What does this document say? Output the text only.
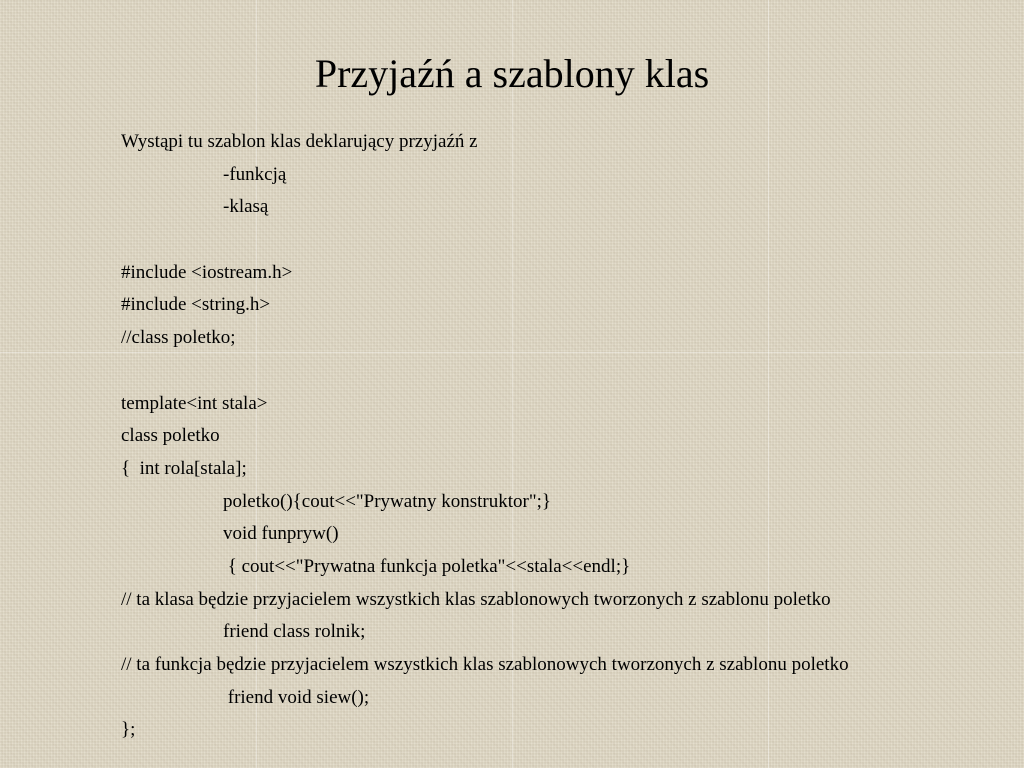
Przyjaźń a szablony klas
Wystąpi tu szablon klas deklarujący przyjaźń z
-funkcją
-klasą
#include <iostream.h>
#include <string.h>
//class poletko;
template<int stala>
class poletko
{  int rola[stala];
poletko(){cout<<"Prywatny konstruktor";}
void funpryw()
{ cout<<"Prywatna funkcja poletka"<<stala<<endl;}
// ta klasa będzie przyjacielem wszystkich klas szablonowych tworzonych z szablonu poletko
friend class rolnik;
// ta funkcja będzie przyjacielem wszystkich klas szablonowych tworzonych z szablonu poletko
friend void siew();
};
